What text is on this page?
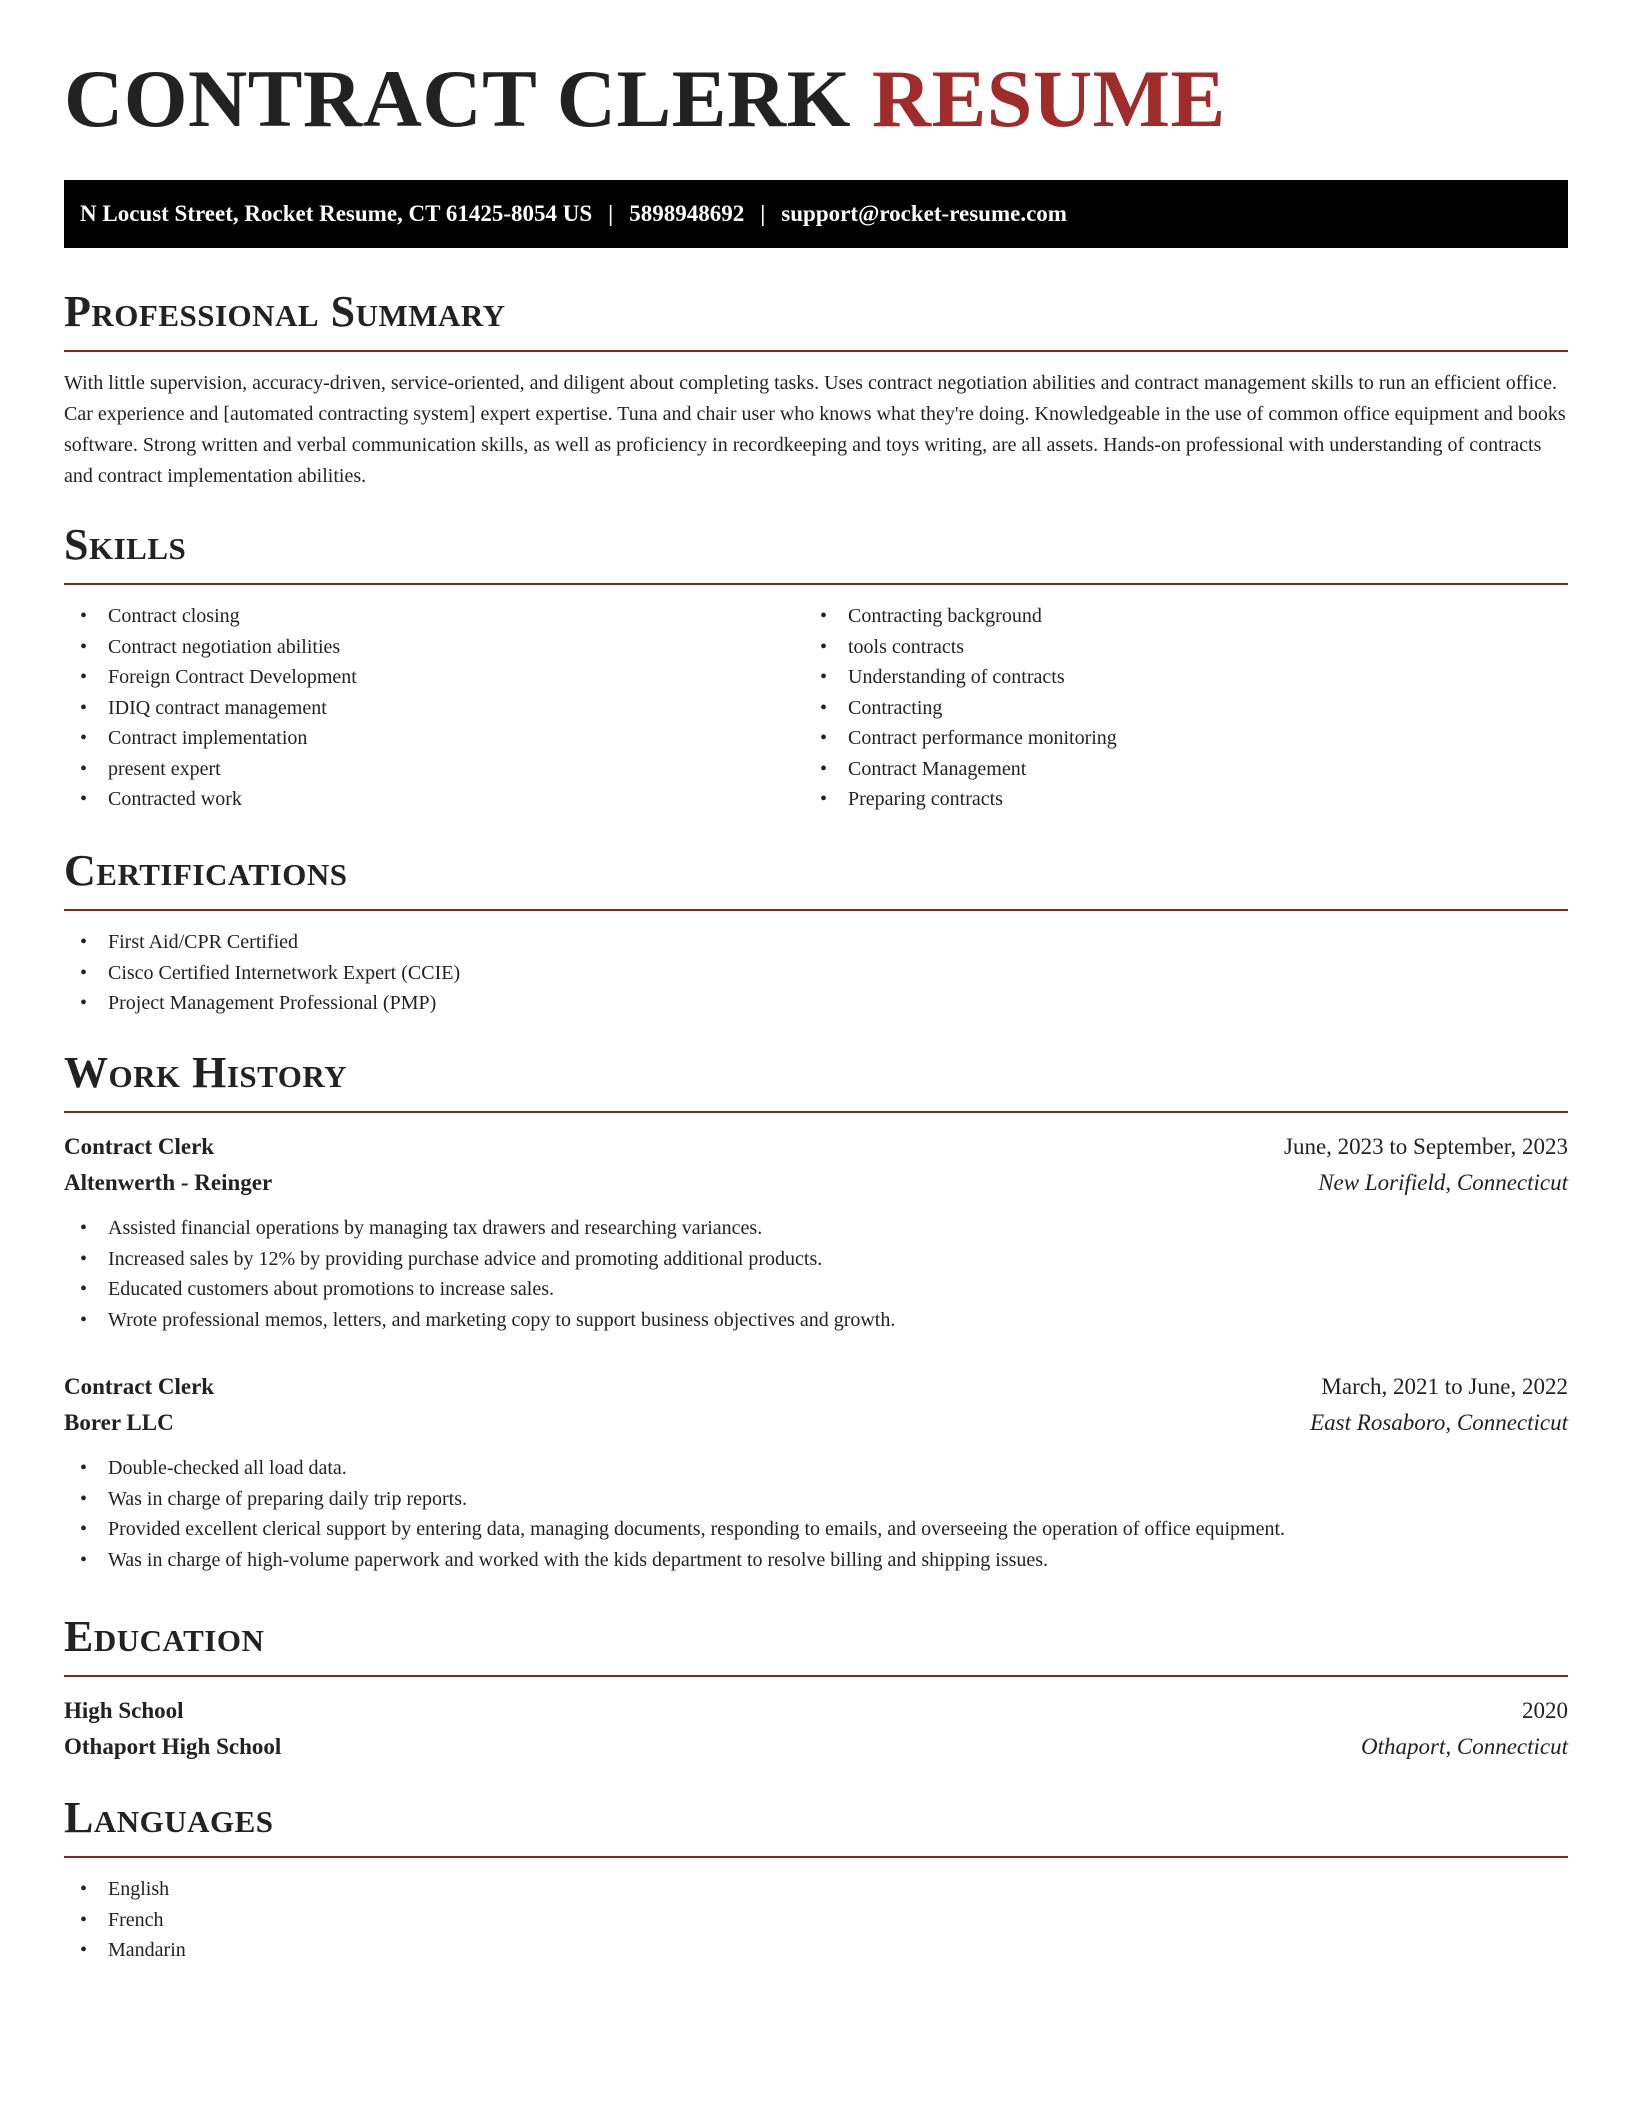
CONTRACT CLERK RESUME
N Locust Street, Rocket Resume, CT 61425-8054 US | 5898948692 | support@rocket-resume.com
Professional Summary

With little supervision, accuracy-driven, service-oriented, and diligent about completing tasks. Uses contract negotiation abilities and contract management skills to run an efficient office. Car experience and [automated contracting system] expert expertise. Tuna and chair user who knows what they're doing. Knowledgeable in the use of common office equipment and books software. Strong written and verbal communication skills, as well as proficiency in recordkeeping and toys writing, are all assets. Hands-on professional with understanding of contracts and contract implementation abilities.

Skills
• Contract closing
• Contract negotiation abilities
• Foreign Contract Development
• IDIQ contract management
• Contract implementation
• present expert
• Contracted work
• Contracting background
• tools contracts
• Understanding of contracts
• Contracting
• Contract performance monitoring
• Contract Management
• Preparing contracts
Certifications
• First Aid/CPR Certified
• Cisco Certified Internetwork Expert (CCIE)
• Project Management Professional (PMP)
Work History
Contract Clerk	June, 2023 to September, 2023
Altenwerth - Reinger	New Lorifield, Connecticut
• Assisted financial operations by managing tax drawers and researching variances.
• Increased sales by 12% by providing purchase advice and promoting additional products.
• Educated customers about promotions to increase sales.
• Wrote professional memos, letters, and marketing copy to support business objectives and growth.
Contract Clerk	March, 2021 to June, 2022
Borer LLC	East Rosaboro, Connecticut
• Double-checked all load data.
• Was in charge of preparing daily trip reports.
• Provided excellent clerical support by entering data, managing documents, responding to emails, and overseeing the operation of office equipment.
• Was in charge of high-volume paperwork and worked with the kids department to resolve billing and shipping issues.
Education
High School	2020
Othaport High School	Othaport, Connecticut
Languages
• English
• French
• Mandarin
